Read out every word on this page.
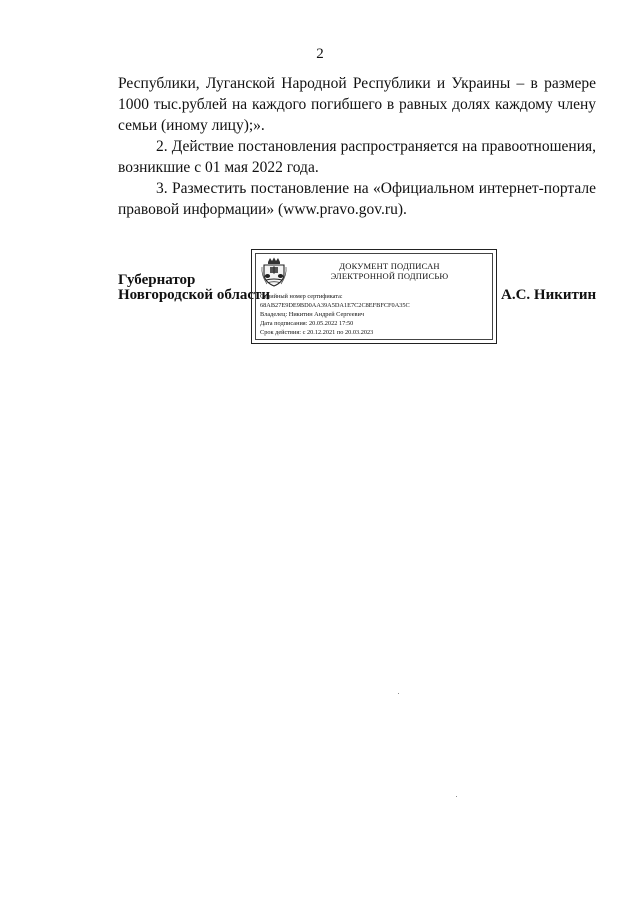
2

Республики, Луганской Народной Республики и Украины – в размере 1000 тыс.рублей на каждого погибшего в равных долях каждому члену семьи (иному лицу);».

2. Действие постановления распространяется на правоотношения, возникшие с 01 мая 2022 года.

3. Разместить постановление на «Официальном интернет-портале правовой информации» (www.pravo.gov.ru).

Губернатор
Новгородской области
ДОКУМЕНТ ПОДПИСАН
ЭЛЕКТРОННОЙ ПОДПИСЬЮ
Серийный номер сертификата:
68AB27E9DE9BD0AA39A5DA1E7C2C8EFBFCF0A35C
Владелец: Никитин Андрей Сергеевич
Дата подписания: 20.05.2022 17:50
Срок действия: с 20.12.2021 по 20.03.2023
А.С. Никитин
